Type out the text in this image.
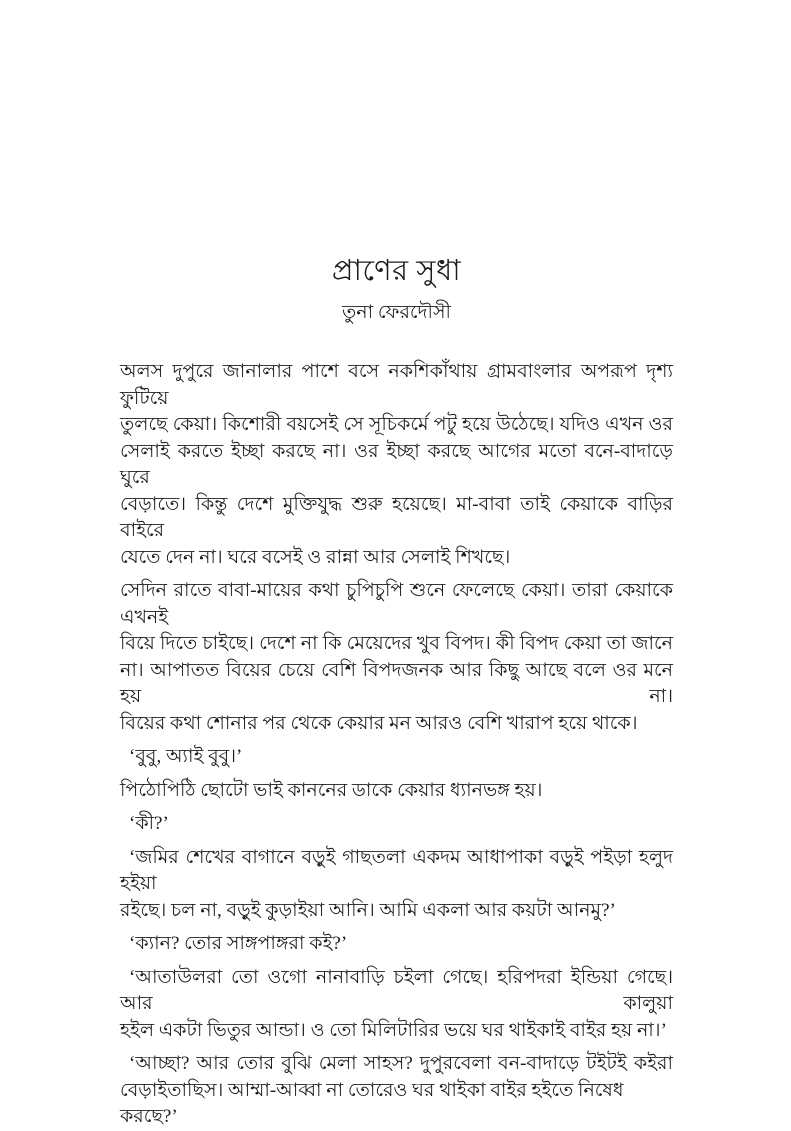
প্রাণের সুধা
তুনা ফেরদৌসী
অলস দুপুরে জানালার পাশে বসে নকশিকাঁথায় গ্রামবাংলার অপরূপ দৃশ্য ফুটিয়ে
তুলছে কেয়া। কিশোরী বয়সেই সে সূচিকর্মে পটু হয়ে উঠেছে। যদিও এখন ওর
সেলাই করতে ইচ্ছা করছে না। ওর ইচ্ছা করছে আগের মতো বনে-বাদাড়ে ঘুরে
বেড়াতে। কিন্তু দেশে মুক্তিযুদ্ধ শুরু হয়েছে। মা-বাবা তাই কেয়াকে বাড়ির বাইরে
যেতে দেন না। ঘরে বসেই ও রান্না আর সেলাই শিখছে।
সেদিন রাতে বাবা-মায়ের কথা চুপিচুপি শুনে ফেলেছে কেয়া। তারা কেয়াকে এখনই
বিয়ে দিতে চাইছে। দেশে না কি মেয়েদের খুব বিপদ। কী বিপদ কেয়া তা জানে
না। আপাতত বিয়ের চেয়ে বেশি বিপদজনক আর কিছু আছে বলে ওর মনে হয় না।
বিয়ের কথা শোনার পর থেকে কেয়ার মন আরও বেশি খারাপ হয়ে থাকে।
‘বুবু, অ্যাই বুবু।’
পিঠোপিঠি ছোটো ভাই কাননের ডাকে কেয়ার ধ্যানভঙ্গ হয়।
‘কী?’
‘জমির শেখের বাগানে বড়ুই গাছতলা একদম আধাপাকা বড়ুই পইড়া হলুদ হইয়া
রইছে। চল না, বড়ুই কুড়াইয়া আনি। আমি একলা আর কয়টা আনমু?’
‘ক্যান? তোর সাঙ্গপাঙ্গরা কই?’
‘আতাউলরা তো ওগো নানাবাড়ি চইলা গেছে। হরিপদরা ইন্ডিয়া গেছে। আর কালুয়া
হইল একটা ভিতুর আন্ডা। ও তো মিলিটারির ভয়ে ঘর থাইকাই বাইর হয় না।’
‘আচ্ছা? আর তোর বুঝি মেলা সাহস? দুপুরবেলা বন-বাদাড়ে টইটই কইরা
বেড়াইতাছিস। আম্মা-আব্বা না তোরেও ঘর থাইকা বাইর হইতে নিষেধ করছে?’
